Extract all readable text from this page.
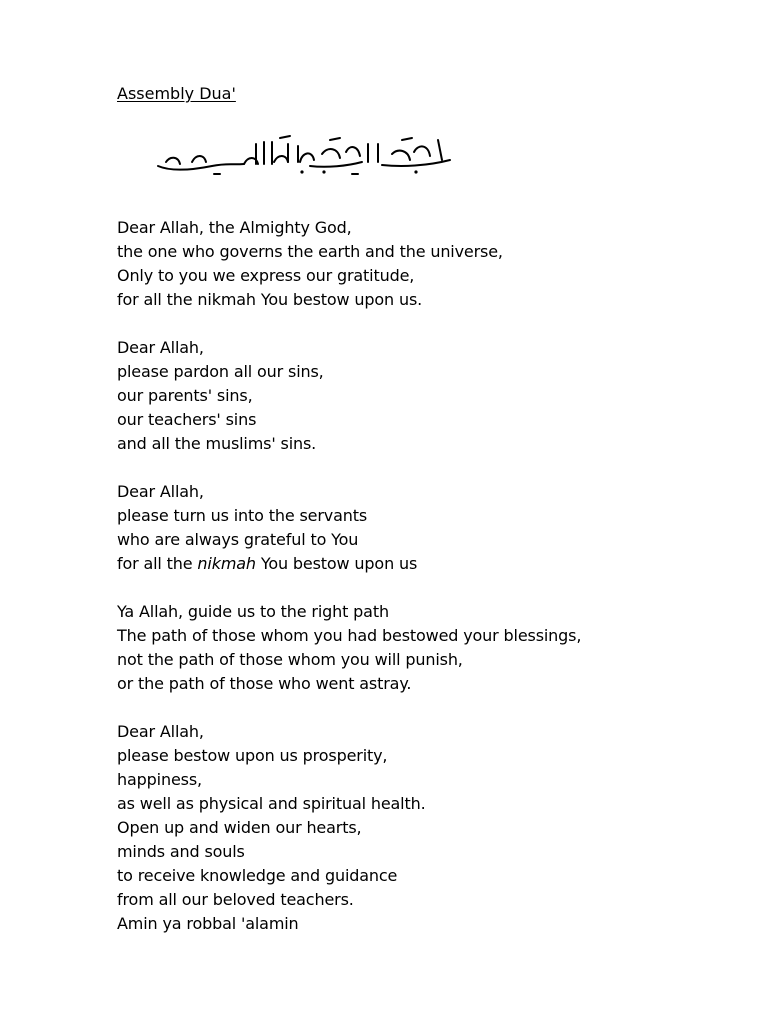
Assembly Dua'
Dear Allah, the Almighty God,
the one who governs the earth and the universe,
Only to you we express our gratitude,
for all the nikmah You bestow upon us.
Dear Allah,
please pardon all our sins,
our parents' sins,
our teachers' sins
and all the muslims' sins.
Dear Allah,
please turn us into the servants
who are always grateful to You
for all the nikmah You bestow upon us
Ya Allah, guide us to the right path
The path of those whom you had bestowed your blessings,
not the path of those whom you will punish,
or the path of those who went astray.
Dear Allah,
please bestow upon us prosperity,
happiness,
as well as physical and spiritual health.
Open up and widen our hearts,
minds and souls
to receive knowledge and guidance
from all our beloved teachers.
Amin ya robbal 'alamin
